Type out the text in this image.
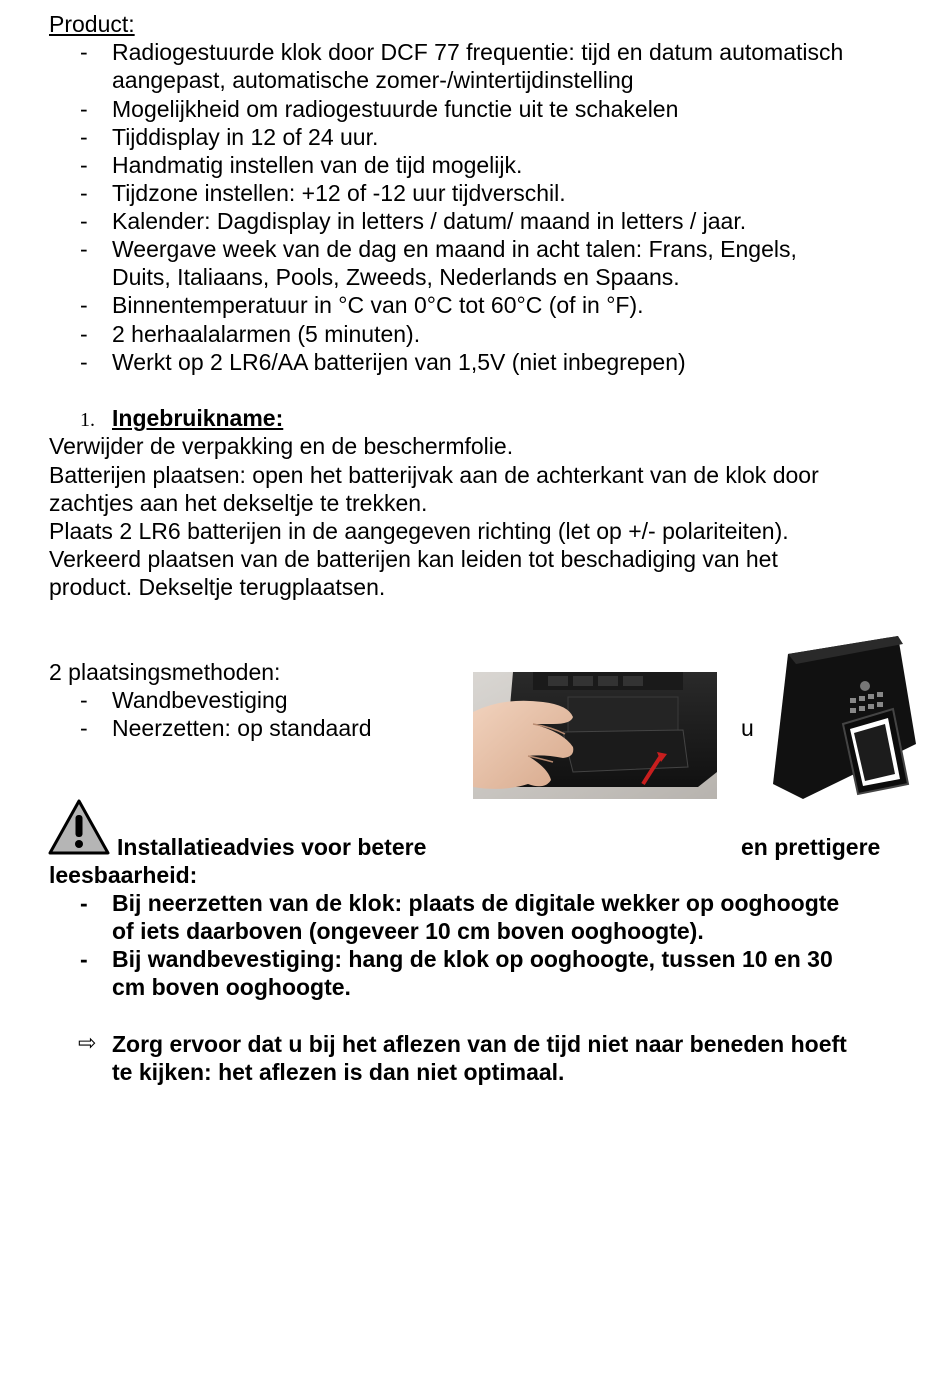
Product:
- Radiogestuurde klok door DCF 77 frequentie: tijd en datum automatisch
aangepast, automatische zomer-/wintertijdinstelling
- Mogelijkheid om radiogestuurde functie uit te schakelen
- Tijddisplay in 12 of 24 uur.
- Handmatig instellen van de tijd mogelijk.
- Tijdzone instellen: +12 of -12 uur tijdverschil.
- Kalender: Dagdisplay in letters / datum/ maand in letters / jaar.
- Weergave week van de dag en maand in acht talen: Frans, Engels,
Duits, Italiaans, Pools, Zweeds, Nederlands en Spaans.
- Binnentemperatuur in °C van 0°C tot 60°C (of in °F).
- 2 herhaalalarmen (5 minuten).
- Werkt op 2 LR6/AA batterijen van 1,5V (niet inbegrepen)
1. Ingebruikname:
Verwijder de verpakking en de beschermfolie.
Batterijen plaatsen: open het batterijvak aan de achterkant van de klok door
zachtjes aan het dekseltje te trekken.
Plaats 2 LR6 batterijen in de aangegeven richting (let op +/- polariteiten).
Verkeerd plaatsen van de batterijen kan leiden tot beschadiging van het
product. Dekseltje terugplaatsen.
2 plaatsingsmethoden:
- Wandbevestiging
- Neerzetten: op standaard	u
Installatieadvies voor betere	en prettigere
leesbaarheid:
- Bij neerzetten van de klok: plaats de digitale wekker op ooghoogte
of iets daarboven (ongeveer 10 cm boven ooghoogte).
- Bij wandbevestiging: hang de klok op ooghoogte, tussen 10 en 30
cm boven ooghoogte.
⇨ Zorg ervoor dat u bij het aflezen van de tijd niet naar beneden hoeft
te kijken: het aflezen is dan niet optimaal.
